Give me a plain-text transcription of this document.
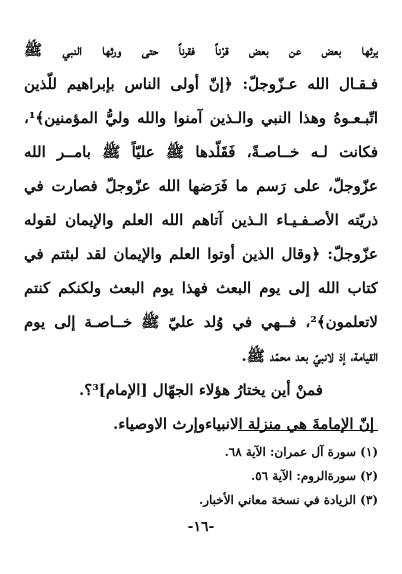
يرثها بعض عن بعض قرْناً فقرناً حتى ورثها النبي ﷺ
فـقـال الله عـزّوجلّ: ﴿إنّ أولى الناس بإبراهيم للّذين
اتّبـعـوهُ وهذا النبي والـذين آمنوا والله وليُّ المؤمنين﴾¹،
فكانت لـه خــاصـةً، فَقَلّدها ﷺ عليّاً ﷺ بامــر الله
عزّوجلّ، على رَسم ما فَرَضها الله عزّوجلّ فصارت في
ذريّته الأصـفـيـاء الـذين آتاهم الله العلم والإيمان لقوله
عزّوجلّ: ﴿وقال الذين أوتوا العلم والإيمان لقد لبثتم في
كتاب الله إلى يوم البعث فهذا يوم البعث ولكنكم كنتم
لاتعلمون﴾²، فــهي في وُلد عليّ ﷺ خــاصـة إلى يوم
القيامة، إذ لانبيّ بعد محمّد ﷺ.
فمنْ أين يختارُ هؤلاء الجهّال [الإمام]³؟.
إنّ الإمامةَ هي منزلة الانبياءوإرث الاوصياء.
(١) سورة آل عمران: الآية ٦٨.
(٢) سورةالروم: الآية ٥٦.
(٣) الزيادة في نسخة معاني الأخبار.
-١٦-
